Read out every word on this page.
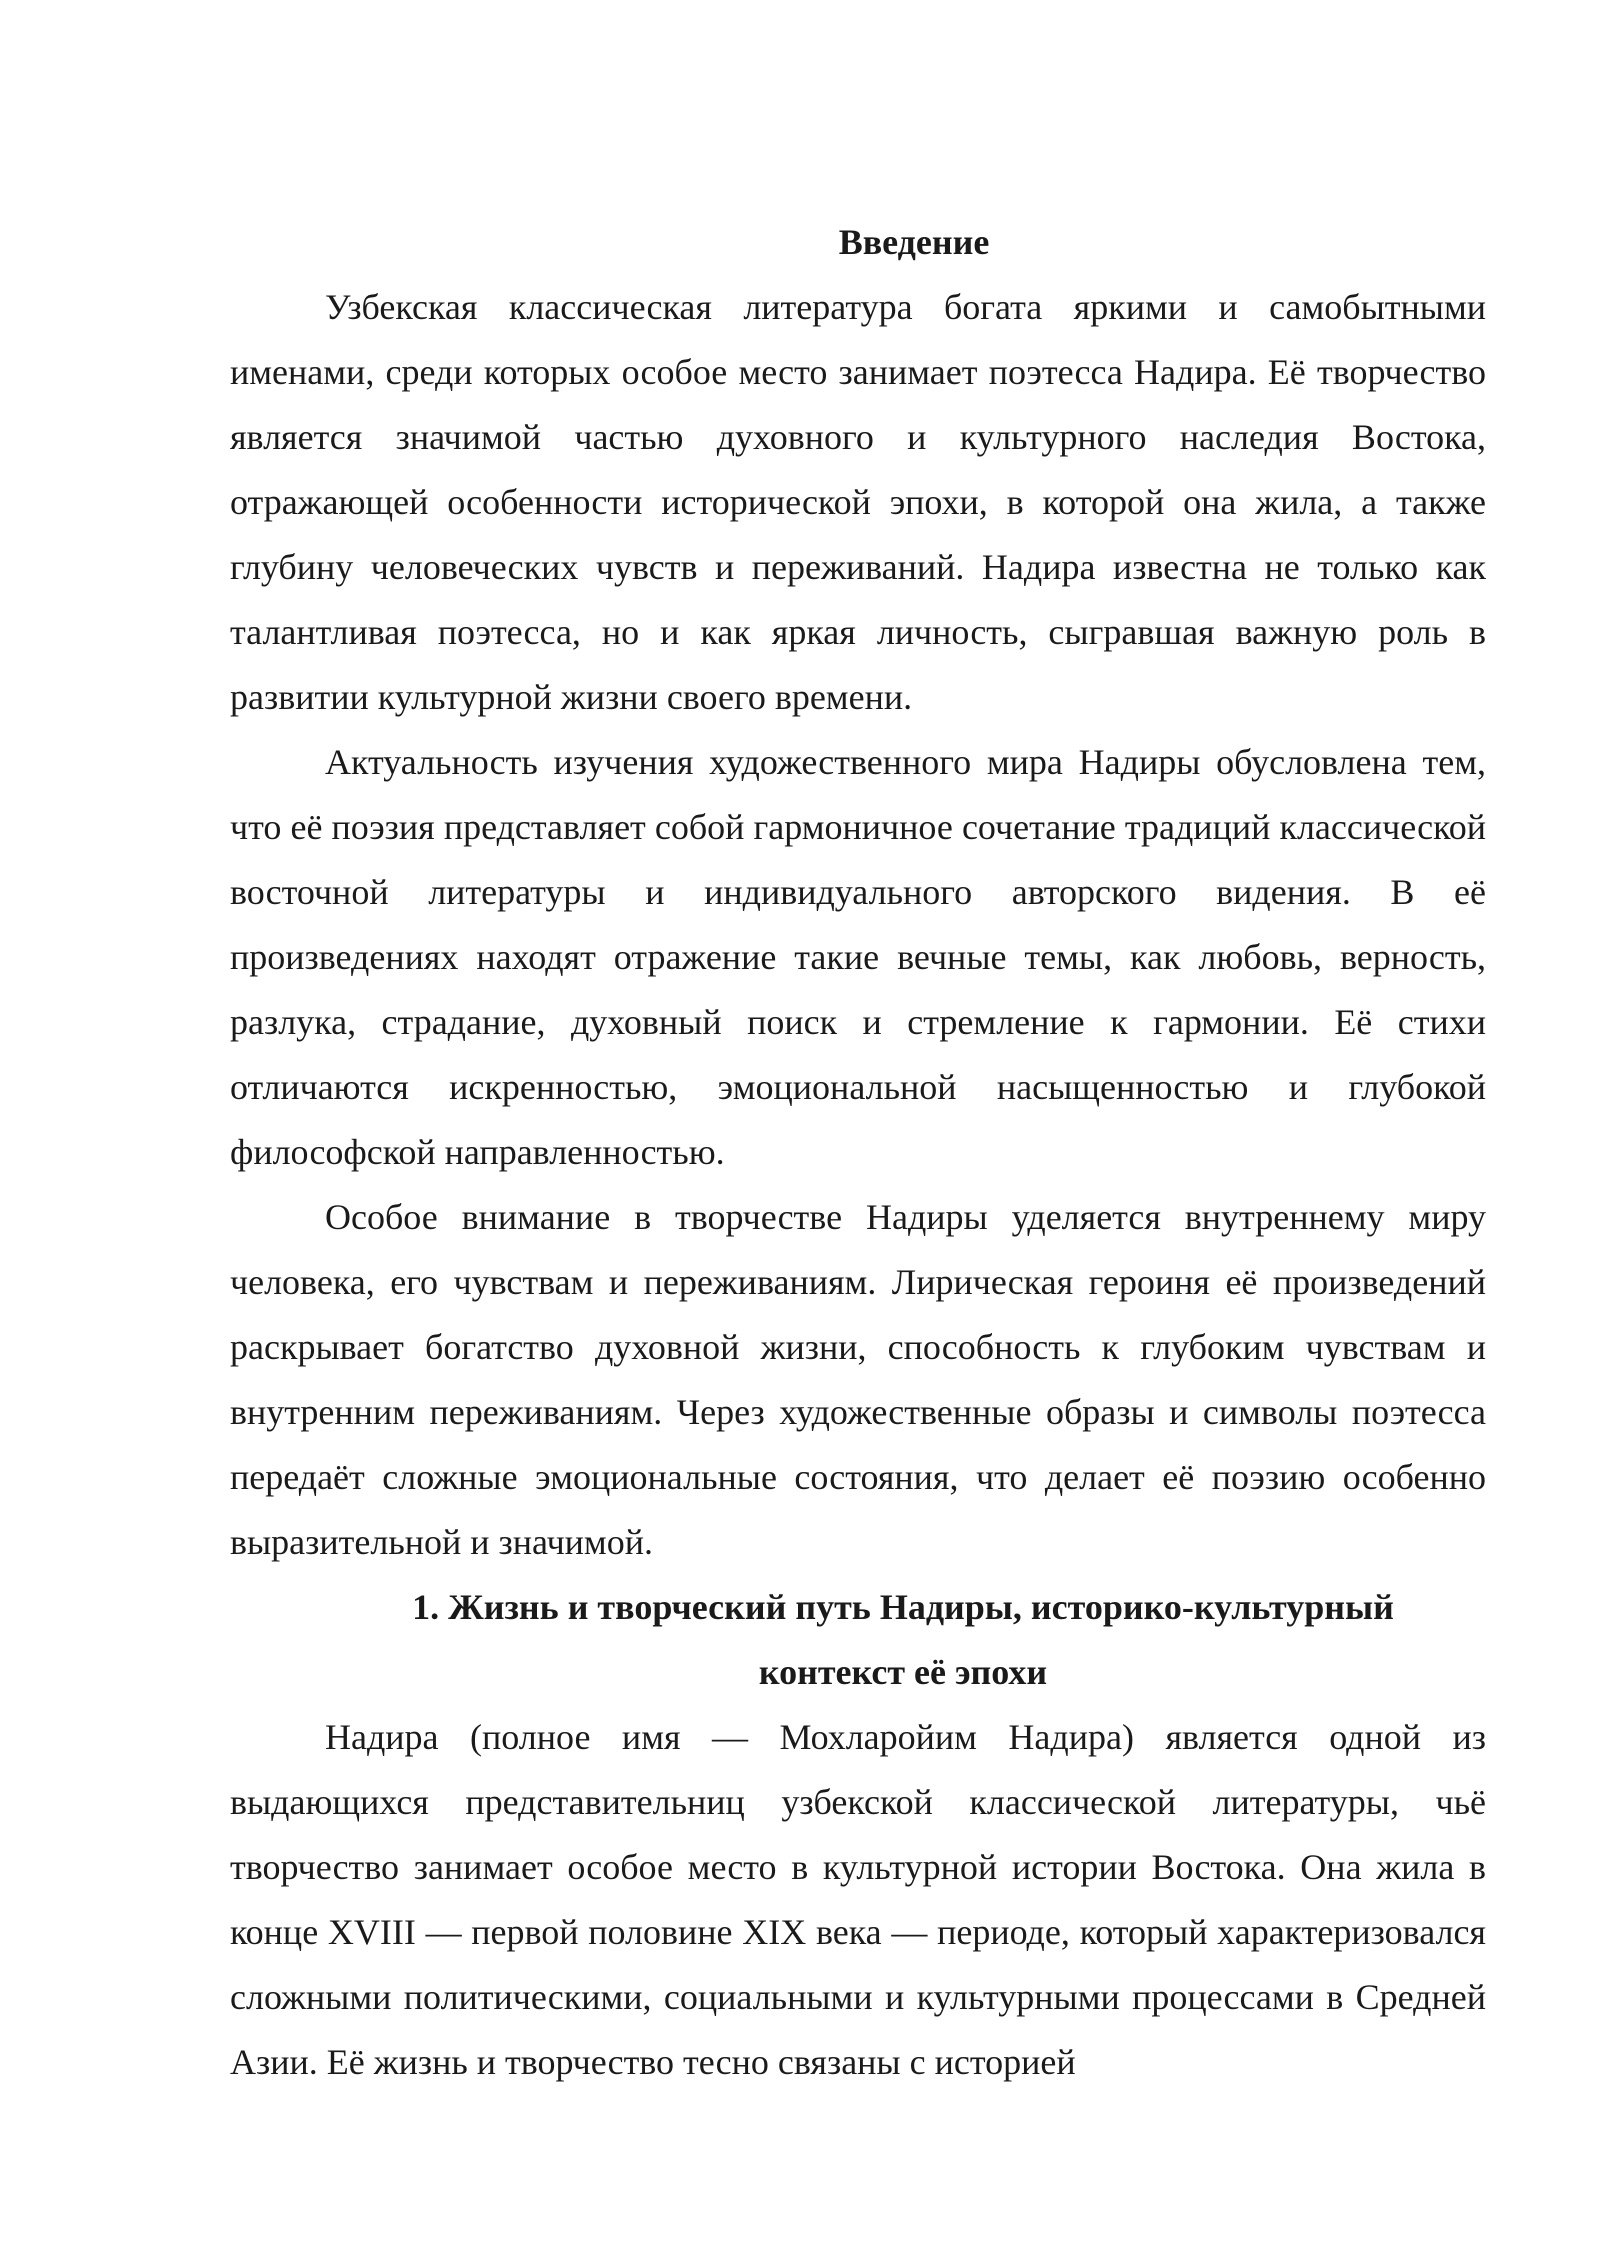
Введение

Узбекская классическая литература богата яркими и самобытными именами, среди которых особое место занимает поэтесса Надира. Её творчество является значимой частью духовного и культурного наследия Востока, отражающей особенности исторической эпохи, в которой она жила, а также глубину человеческих чувств и переживаний. Надира известна не только как талантливая поэтесса, но и как яркая личность, сыгравшая важную роль в развитии культурной жизни своего времени.

Актуальность изучения художественного мира Надиры обусловлена тем, что её поэзия представляет собой гармоничное сочетание традиций классической восточной литературы и индивидуального авторского видения. В её произведениях находят отражение такие вечные темы, как любовь, верность, разлука, страдание, духовный поиск и стремление к гармонии. Её стихи отличаются искренностью, эмоциональной насыщенностью и глубокой философской направленностью.

Особое внимание в творчестве Надиры уделяется внутреннему миру человека, его чувствам и переживаниям. Лирическая героиня её произведений раскрывает богатство духовной жизни, способность к глубоким чувствам и внутренним переживаниям. Через художественные образы и символы поэтесса передаёт сложные эмоциональные состояния, что делает её поэзию особенно выразительной и значимой.

1. Жизнь и творческий путь Надиры, историко-культурный
контекст её эпохи

Надира (полное имя — Мохларойим Надира) является одной из выдающихся представительниц узбекской классической литературы, чьё творчество занимает особое место в культурной истории Востока. Она жила в конце XVIII — первой половине XIX века — периоде, который характеризовался сложными политическими, социальными и культурными процессами в Средней Азии. Её жизнь и творчество тесно связаны с историей
